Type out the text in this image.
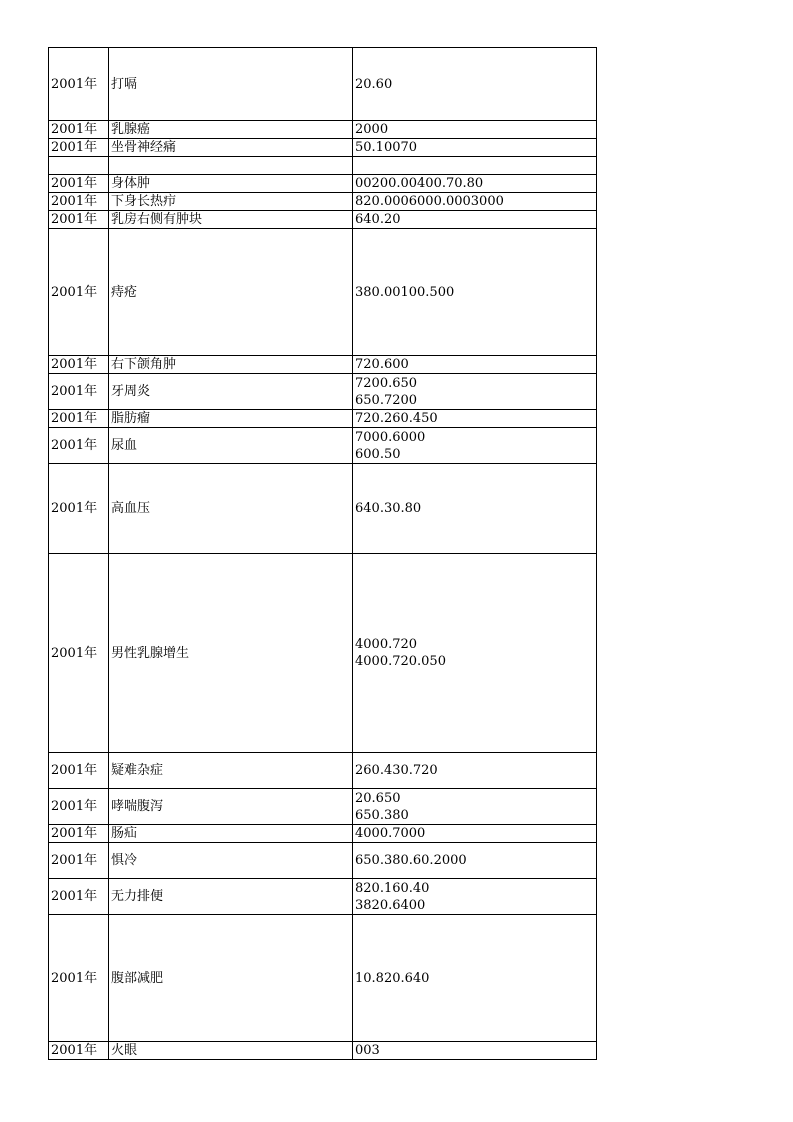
2001年	打嗝	20.60

2001年	乳腺癌	2000

2001年	坐骨神经痛	50.10070

2001年	身体肿	00200.00400.70.80

2001年	下身长热疖	820.0006000.0003000

2001年	乳房右侧有肿块	640.20

2001年	痔疮	380.00100.500

2001年	右下颌角肿	720.600

2001年	牙周炎	7200.650
650.7200

2001年	脂肪瘤	720.260.450

2001年	尿血	7000.6000
600.50

2001年	高血压	640.30.80

2001年	男性乳腺增生	4000.720
4000.720.050

2001年	疑难杂症	260.430.720

2001年	哮喘腹泻	20.650
650.380

2001年	肠疝	4000.7000

2001年	惧冷	650.380.60.2000

2001年	无力排便	820.160.40
3820.6400

2001年	腹部减肥	10.820.640

2001年	火眼	003
